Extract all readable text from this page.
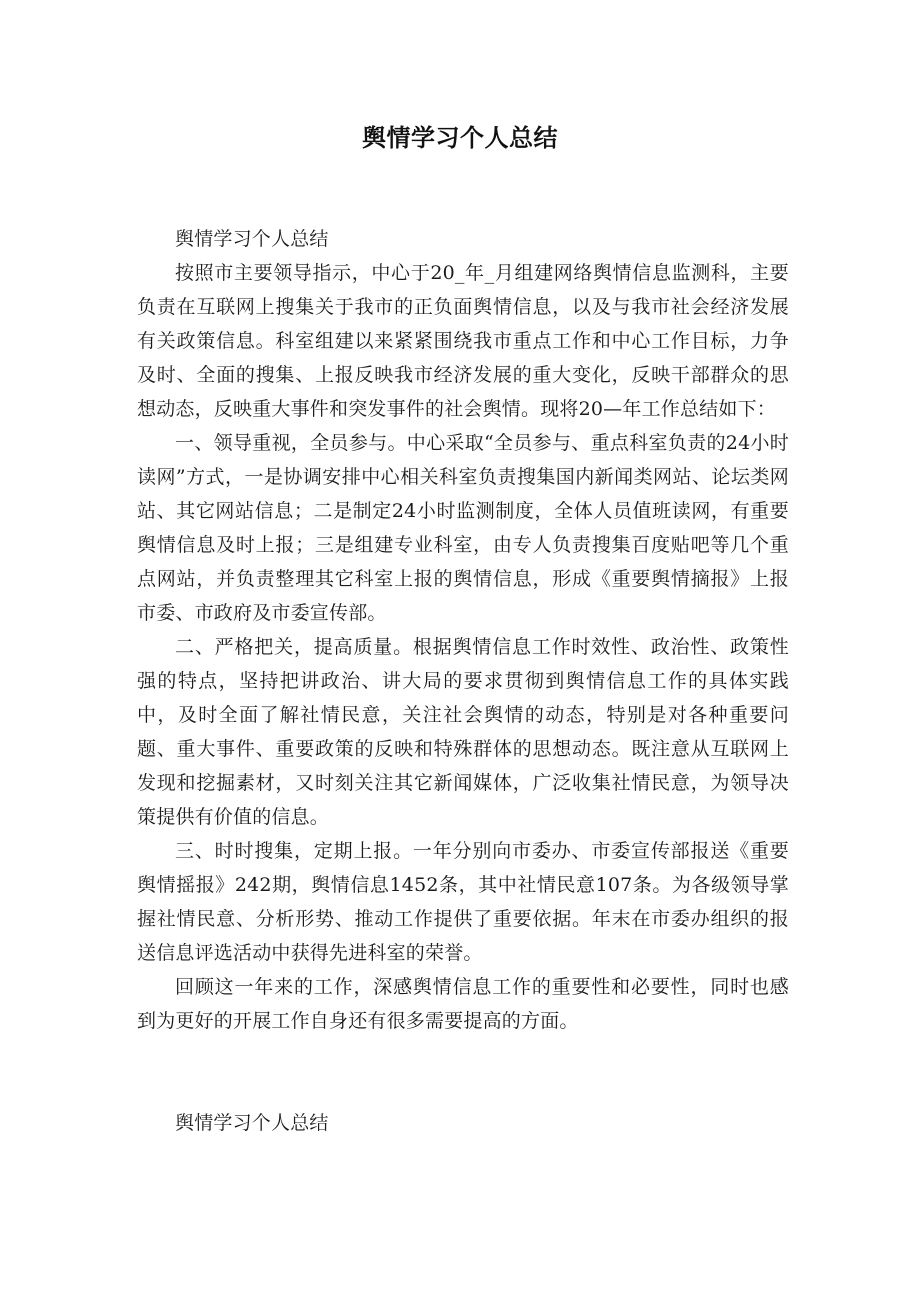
舆情学习个人总结

舆情学习个人总结

按照市主要领导指示，中心于20_年_月组建网络舆情信息监测科，主要负责在互联网上搜集关于我市的正负面舆情信息，以及与我市社会经济发展有关政策信息。科室组建以来紧紧围绕我市重点工作和中心工作目标，力争及时、全面的搜集、上报反映我市经济发展的重大变化，反映干部群众的思想动态，反映重大事件和突发事件的社会舆情。现将20—年工作总结如下：

一、领导重视，全员参与。中心采取“全员参与、重点科室负责的24小时读网”方式，一是协调安排中心相关科室负责搜集国内新闻类网站、论坛类网站、其它网站信息；二是制定24小时监测制度，全体人员值班读网，有重要舆情信息及时上报；三是组建专业科室，由专人负责搜集百度贴吧等几个重点网站，并负责整理其它科室上报的舆情信息，形成《重要舆情摘报》上报市委、市政府及市委宣传部。

二、严格把关，提高质量。根据舆情信息工作时效性、政治性、政策性强的特点，坚持把讲政治、讲大局的要求贯彻到舆情信息工作的具体实践中，及时全面了解社情民意，关注社会舆情的动态，特别是对各种重要问题、重大事件、重要政策的反映和特殊群体的思想动态。既注意从互联网上发现和挖掘素材，又时刻关注其它新闻媒体，广泛收集社情民意，为领导决策提供有价值的信息。

三、时时搜集，定期上报。一年分别向市委办、市委宣传部报送《重要舆情摇报》242期，舆情信息1452条，其中社情民意107条。为各级领导掌握社情民意、分析形势、推动工作提供了重要依据。年末在市委办组织的报送信息评选活动中获得先进科室的荣誉。

回顾这一年来的工作，深感舆情信息工作的重要性和必要性，同时也感到为更好的开展工作自身还有很多需要提高的方面。

舆情学习个人总结
